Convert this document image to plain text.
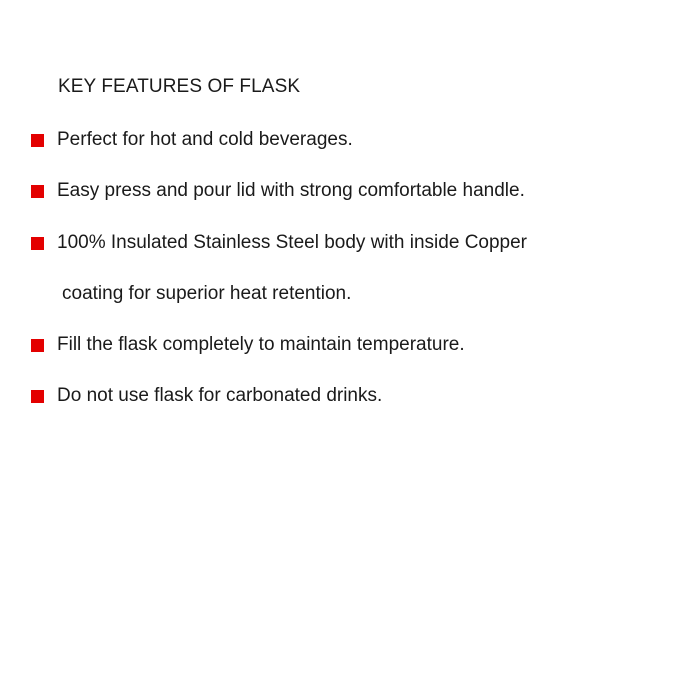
KEY FEATURES OF FLASK
Perfect for hot and cold beverages.
Easy press and pour lid with strong comfortable handle.
100% Insulated Stainless Steel body with inside Copper
coating for superior heat retention.
Fill the flask completely to maintain temperature.
Do not use flask for carbonated drinks.
